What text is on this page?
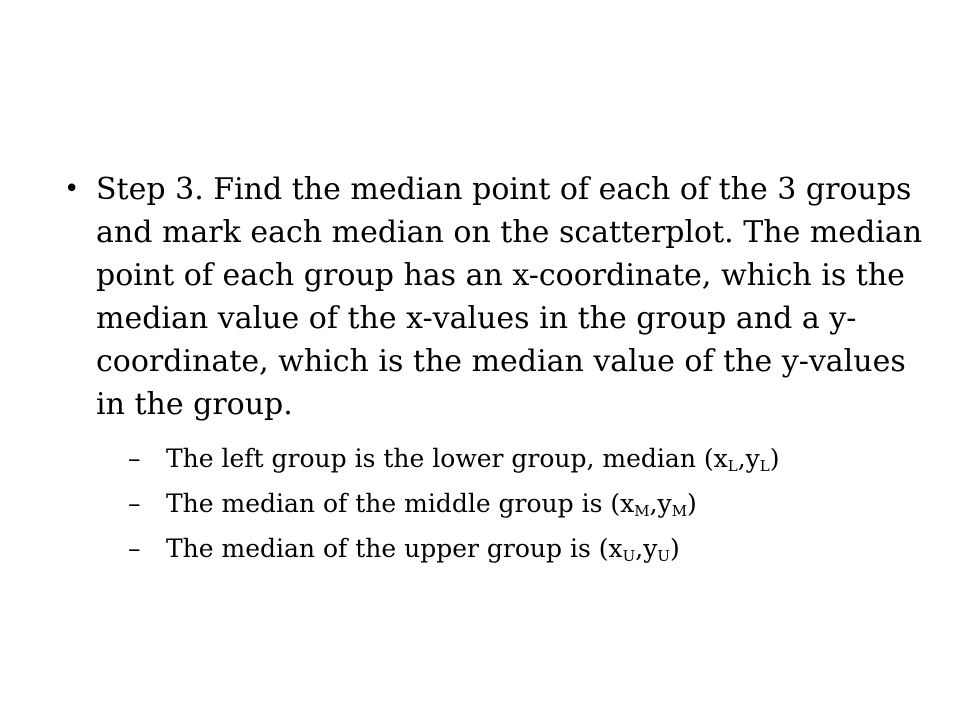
• Step 3. Find the median point of each of the 3 groups and mark each median on the scatterplot. The median point of each group has an x-coordinate, which is the median value of the x-values in the group and a y-coordinate, which is the median value of the y-values in the group.
– The left group is the lower group, median $(x_L,y_L)$
– The median of the middle group is $(x_M,y_M)$
– The median of the upper group is $(x_U,y_U)$
